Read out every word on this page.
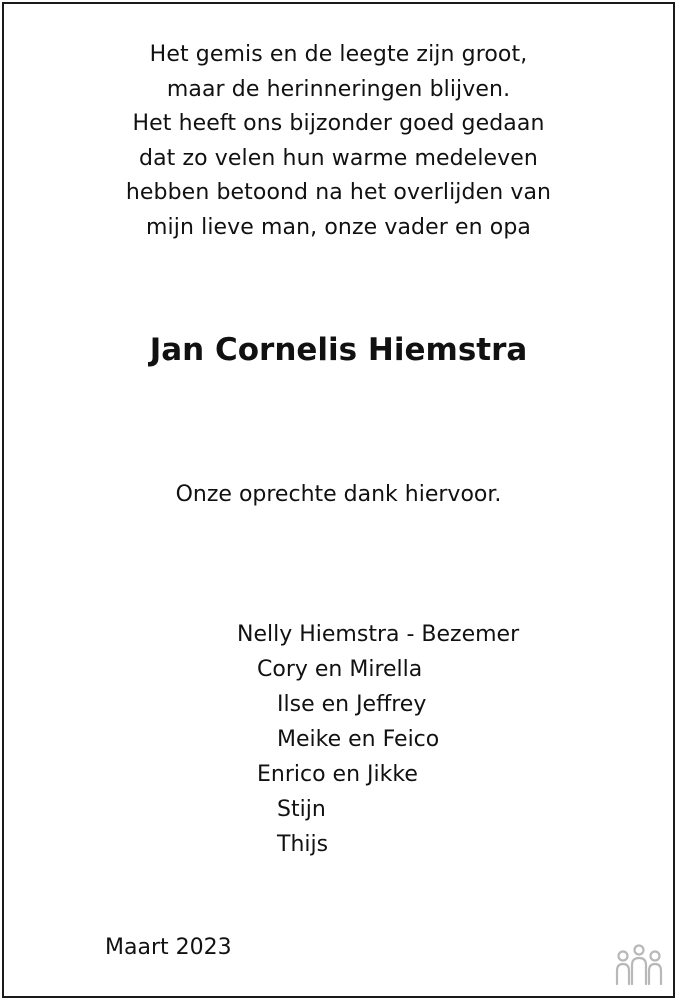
Het gemis en de leegte zijn groot,
maar de herinneringen blijven.
Het heeft ons bijzonder goed gedaan
dat zo velen hun warme medeleven
hebben betoond na het overlijden van
mijn lieve man, onze vader en opa
Jan Cornelis Hiemstra
Onze oprechte dank hiervoor.
Nelly Hiemstra - Bezemer
Cory en Mirella
Ilse en Jeffrey
Meike en Feico
Enrico en Jikke
Stijn
Thijs
Maart 2023
